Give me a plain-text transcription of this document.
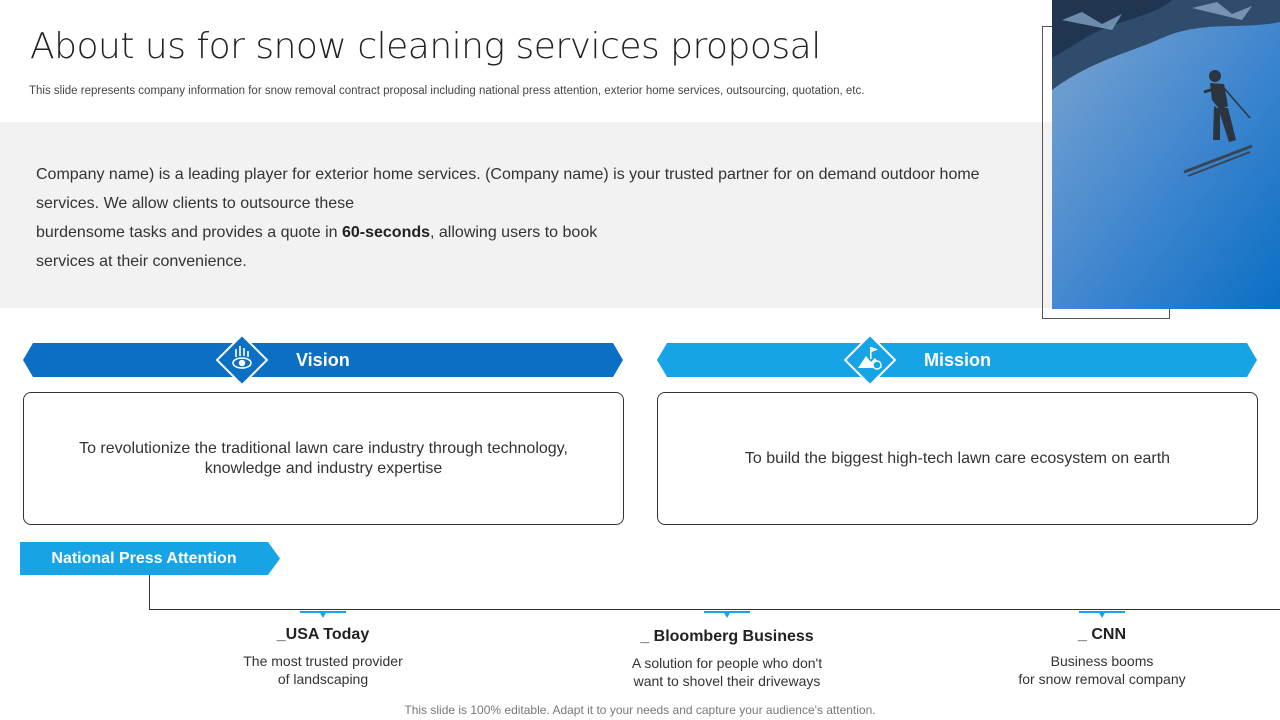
About us for snow cleaning services proposal
This slide represents company information for snow removal contract proposal including national press attention, exterior home services, outsourcing, quotation, etc.
Company name) is a leading player for exterior home services. (Company name) is your trusted partner for on demand outdoor home services. We allow clients to outsource these
burdensome tasks and provides a quote in 60-seconds, allowing users to book
services at their convenience.
Vision	Mission
To revolutionize the traditional lawn care industry through technology, knowledge and industry expertise
To build the biggest high-tech lawn care ecosystem on earth
National Press Attention
_USA Today
The most trusted provider
of landscaping
_ Bloomberg Business
A solution for people who don't
want to shovel their driveways
_ CNN
Business booms
for snow removal company
This slide is 100% editable. Adapt it to your needs and capture your audience's attention.
